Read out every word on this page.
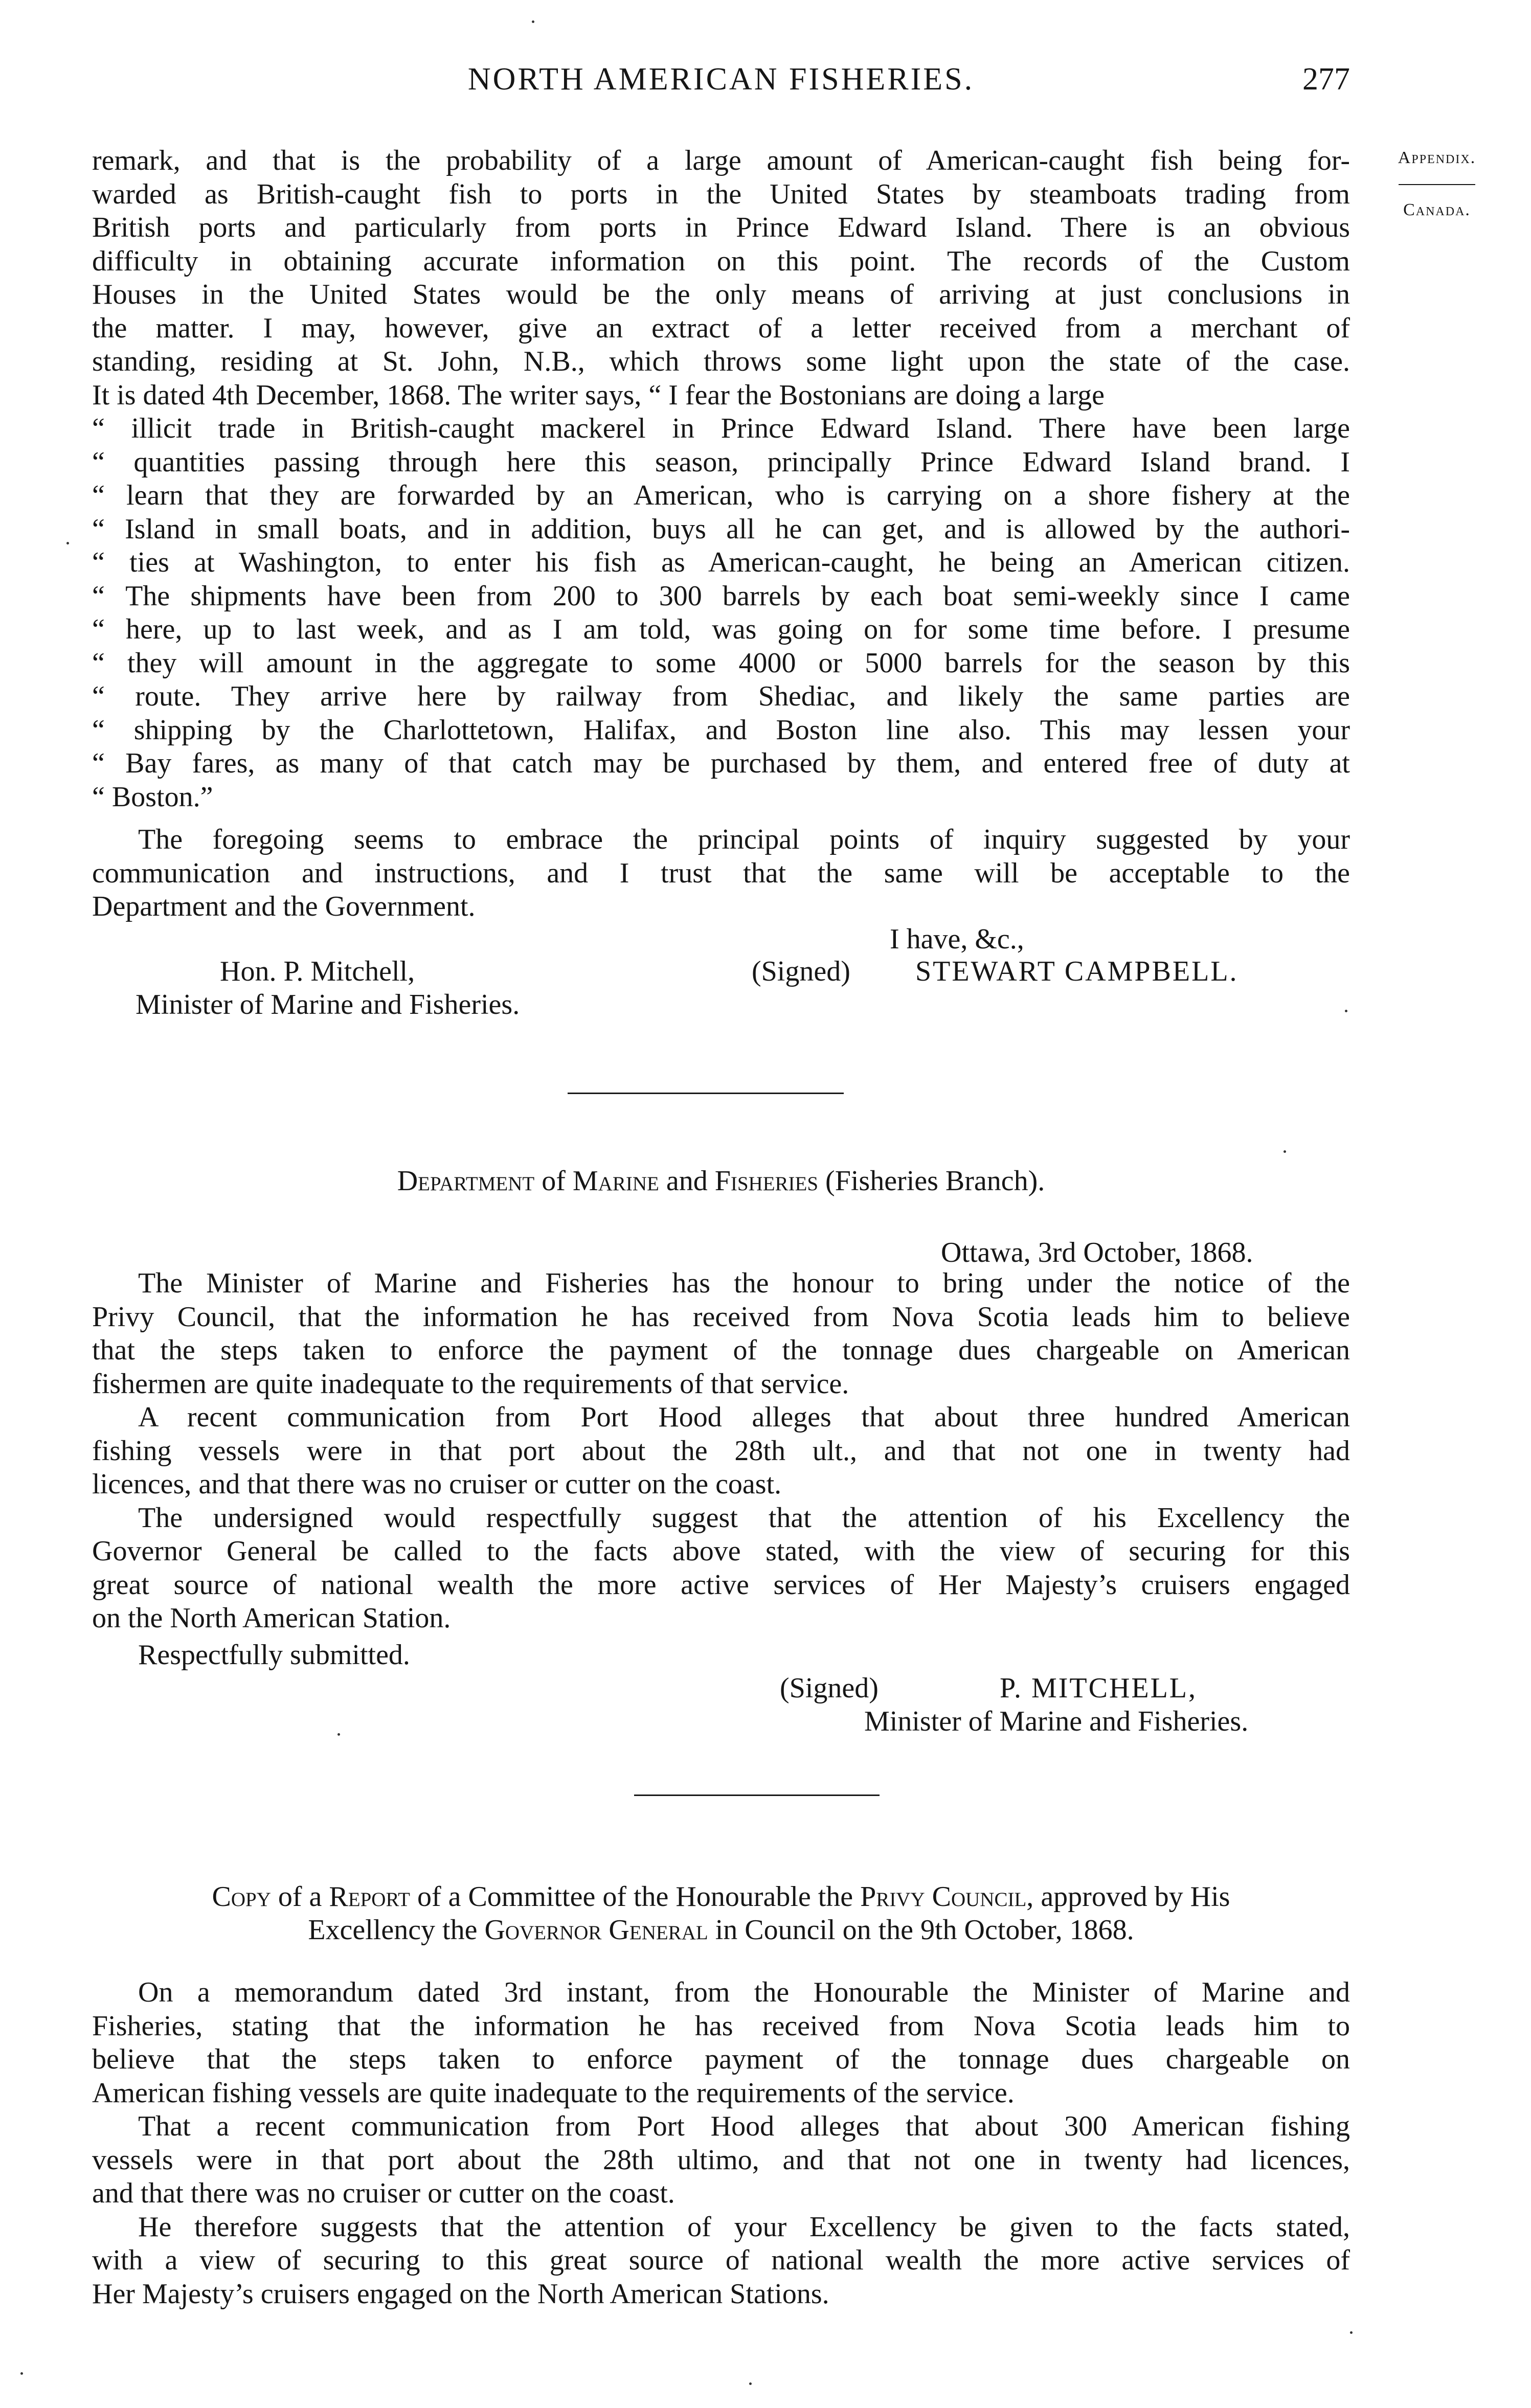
NORTH AMERICAN FISHERIES.	277
Appendix.
Canada.

remark, and that is the probability of a large amount of American-caught fish being for-

warded as British-caught fish to ports in the United States by steamboats trading from

British ports and particularly from ports in Prince Edward Island. There is an obvious

difficulty in obtaining accurate information on this point. The records of the Custom

Houses in the United States would be the only means of arriving at just conclusions in

the matter. I may, however, give an extract of a letter received from a merchant of

standing, residing at St. John, N.B., which throws some light upon the state of the case.

It is dated 4th December, 1868. The writer says, “ I fear the Bostonians are doing a large

“ illicit trade in British-caught mackerel in Prince Edward Island. There have been large

“ quantities passing through here this season, principally Prince Edward Island brand. I

“ learn that they are forwarded by an American, who is carrying on a shore fishery at the

“ Island in small boats, and in addition, buys all he can get, and is allowed by the authori-

“ ties at Washington, to enter his fish as American-caught, he being an American citizen.

“ The shipments have been from 200 to 300 barrels by each boat semi-weekly since I came

“ here, up to last week, and as I am told, was going on for some time before. I presume

“ they will amount in the aggregate to some 4000 or 5000 barrels for the season by this

“ route. They arrive here by railway from Shediac, and likely the same parties are

“ shipping by the Charlottetown, Halifax, and Boston line also. This may lessen your

“ Bay fares, as many of that catch may be purchased by them, and entered free of duty at

“ Boston.”

The foregoing seems to embrace the principal points of inquiry suggested by your

communication and instructions, and I trust that the same will be acceptable to the

Department and the Government.

I have, &c.,
Hon. P. Mitchell,	(Signed) STEWART CAMPBELL.
Minister of Marine and Fisheries.
Department of Marine and Fisheries (Fisheries Branch).
Ottawa, 3rd October, 1868.

The Minister of Marine and Fisheries has the honour to bring under the notice of the

Privy Council, that the information he has received from Nova Scotia leads him to believe

that the steps taken to enforce the payment of the tonnage dues chargeable on American

fishermen are quite inadequate to the requirements of that service.

A recent communication from Port Hood alleges that about three hundred American

fishing vessels were in that port about the 28th ult., and that not one in twenty had

licences, and that there was no cruiser or cutter on the coast.

The undersigned would respectfully suggest that the attention of his Excellency the

Governor General be called to the facts above stated, with the view of securing for this

great source of national wealth the more active services of Her Majesty’s cruisers engaged

on the North American Station.

Respectfully submitted.
(Signed)	P. MITCHELL,
Minister of Marine and Fisheries.
Copy of a Report of a Committee of the Honourable the Privy Council, approved by His
Excellency the Governor General in Council on the 9th October, 1868.

On a memorandum dated 3rd instant, from the Honourable the Minister of Marine and

Fisheries, stating that the information he has received from Nova Scotia leads him to

believe that the steps taken to enforce payment of the tonnage dues chargeable on

American fishing vessels are quite inadequate to the requirements of the service.

That a recent communication from Port Hood alleges that about 300 American fishing

vessels were in that port about the 28th ultimo, and that not one in twenty had licences,

and that there was no cruiser or cutter on the coast.

He therefore suggests that the attention of your Excellency be given to the facts stated,

with a view of securing to this great source of national wealth the more active services of

Her Majesty’s cruisers engaged on the North American Stations.
